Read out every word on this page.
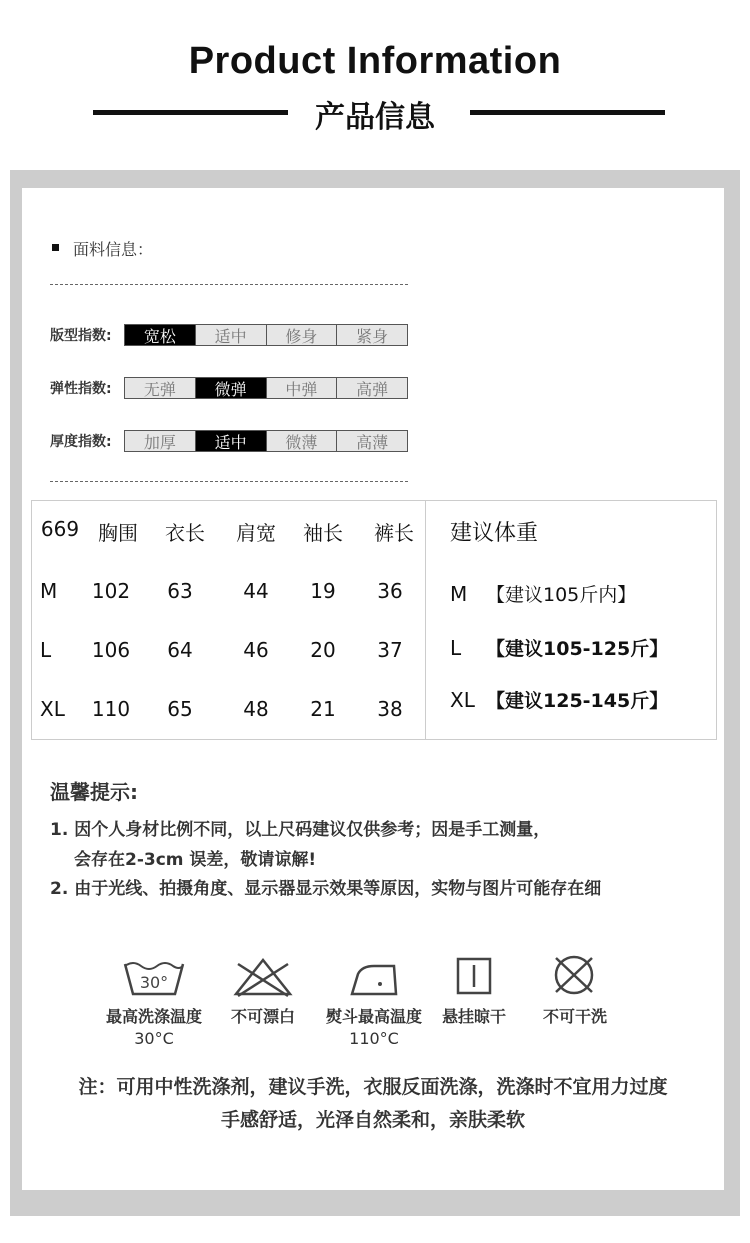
Product Information
产品信息
面料信息：
版型指数:	宽松	适中	修身	紧身
弹性指数:	无弹	微弹	中弹	高弹
厚度指数:	加厚	适中	微薄	高薄
669 胸围	衣长	肩宽	袖长	裤长
M	102	63	44	19	36
L	106	64	46	20	37
XL 110	65	48	21	38
建议体重
M 【建议105斤内】
L 【建议105-125斤】
XL 【建议125-145斤】
温馨提示:
1. 因个人身材比例不同，以上尺码建议仅供参考；因是手工测量，
会存在2-3cm 误差，敬请谅解!
2. 由于光线、拍摄角度、显示器显示效果等原因，实物与图片可能存在细
30°
最高洗涤温度
30°C
不可漂白	熨斗最高温度
110°C
悬挂晾干	不可干洗
注：可用中性洗涤剂，建议手洗，衣服反面洗涤，洗涤时不宜用力过度
手感舒适，光泽自然柔和，亲肤柔软
